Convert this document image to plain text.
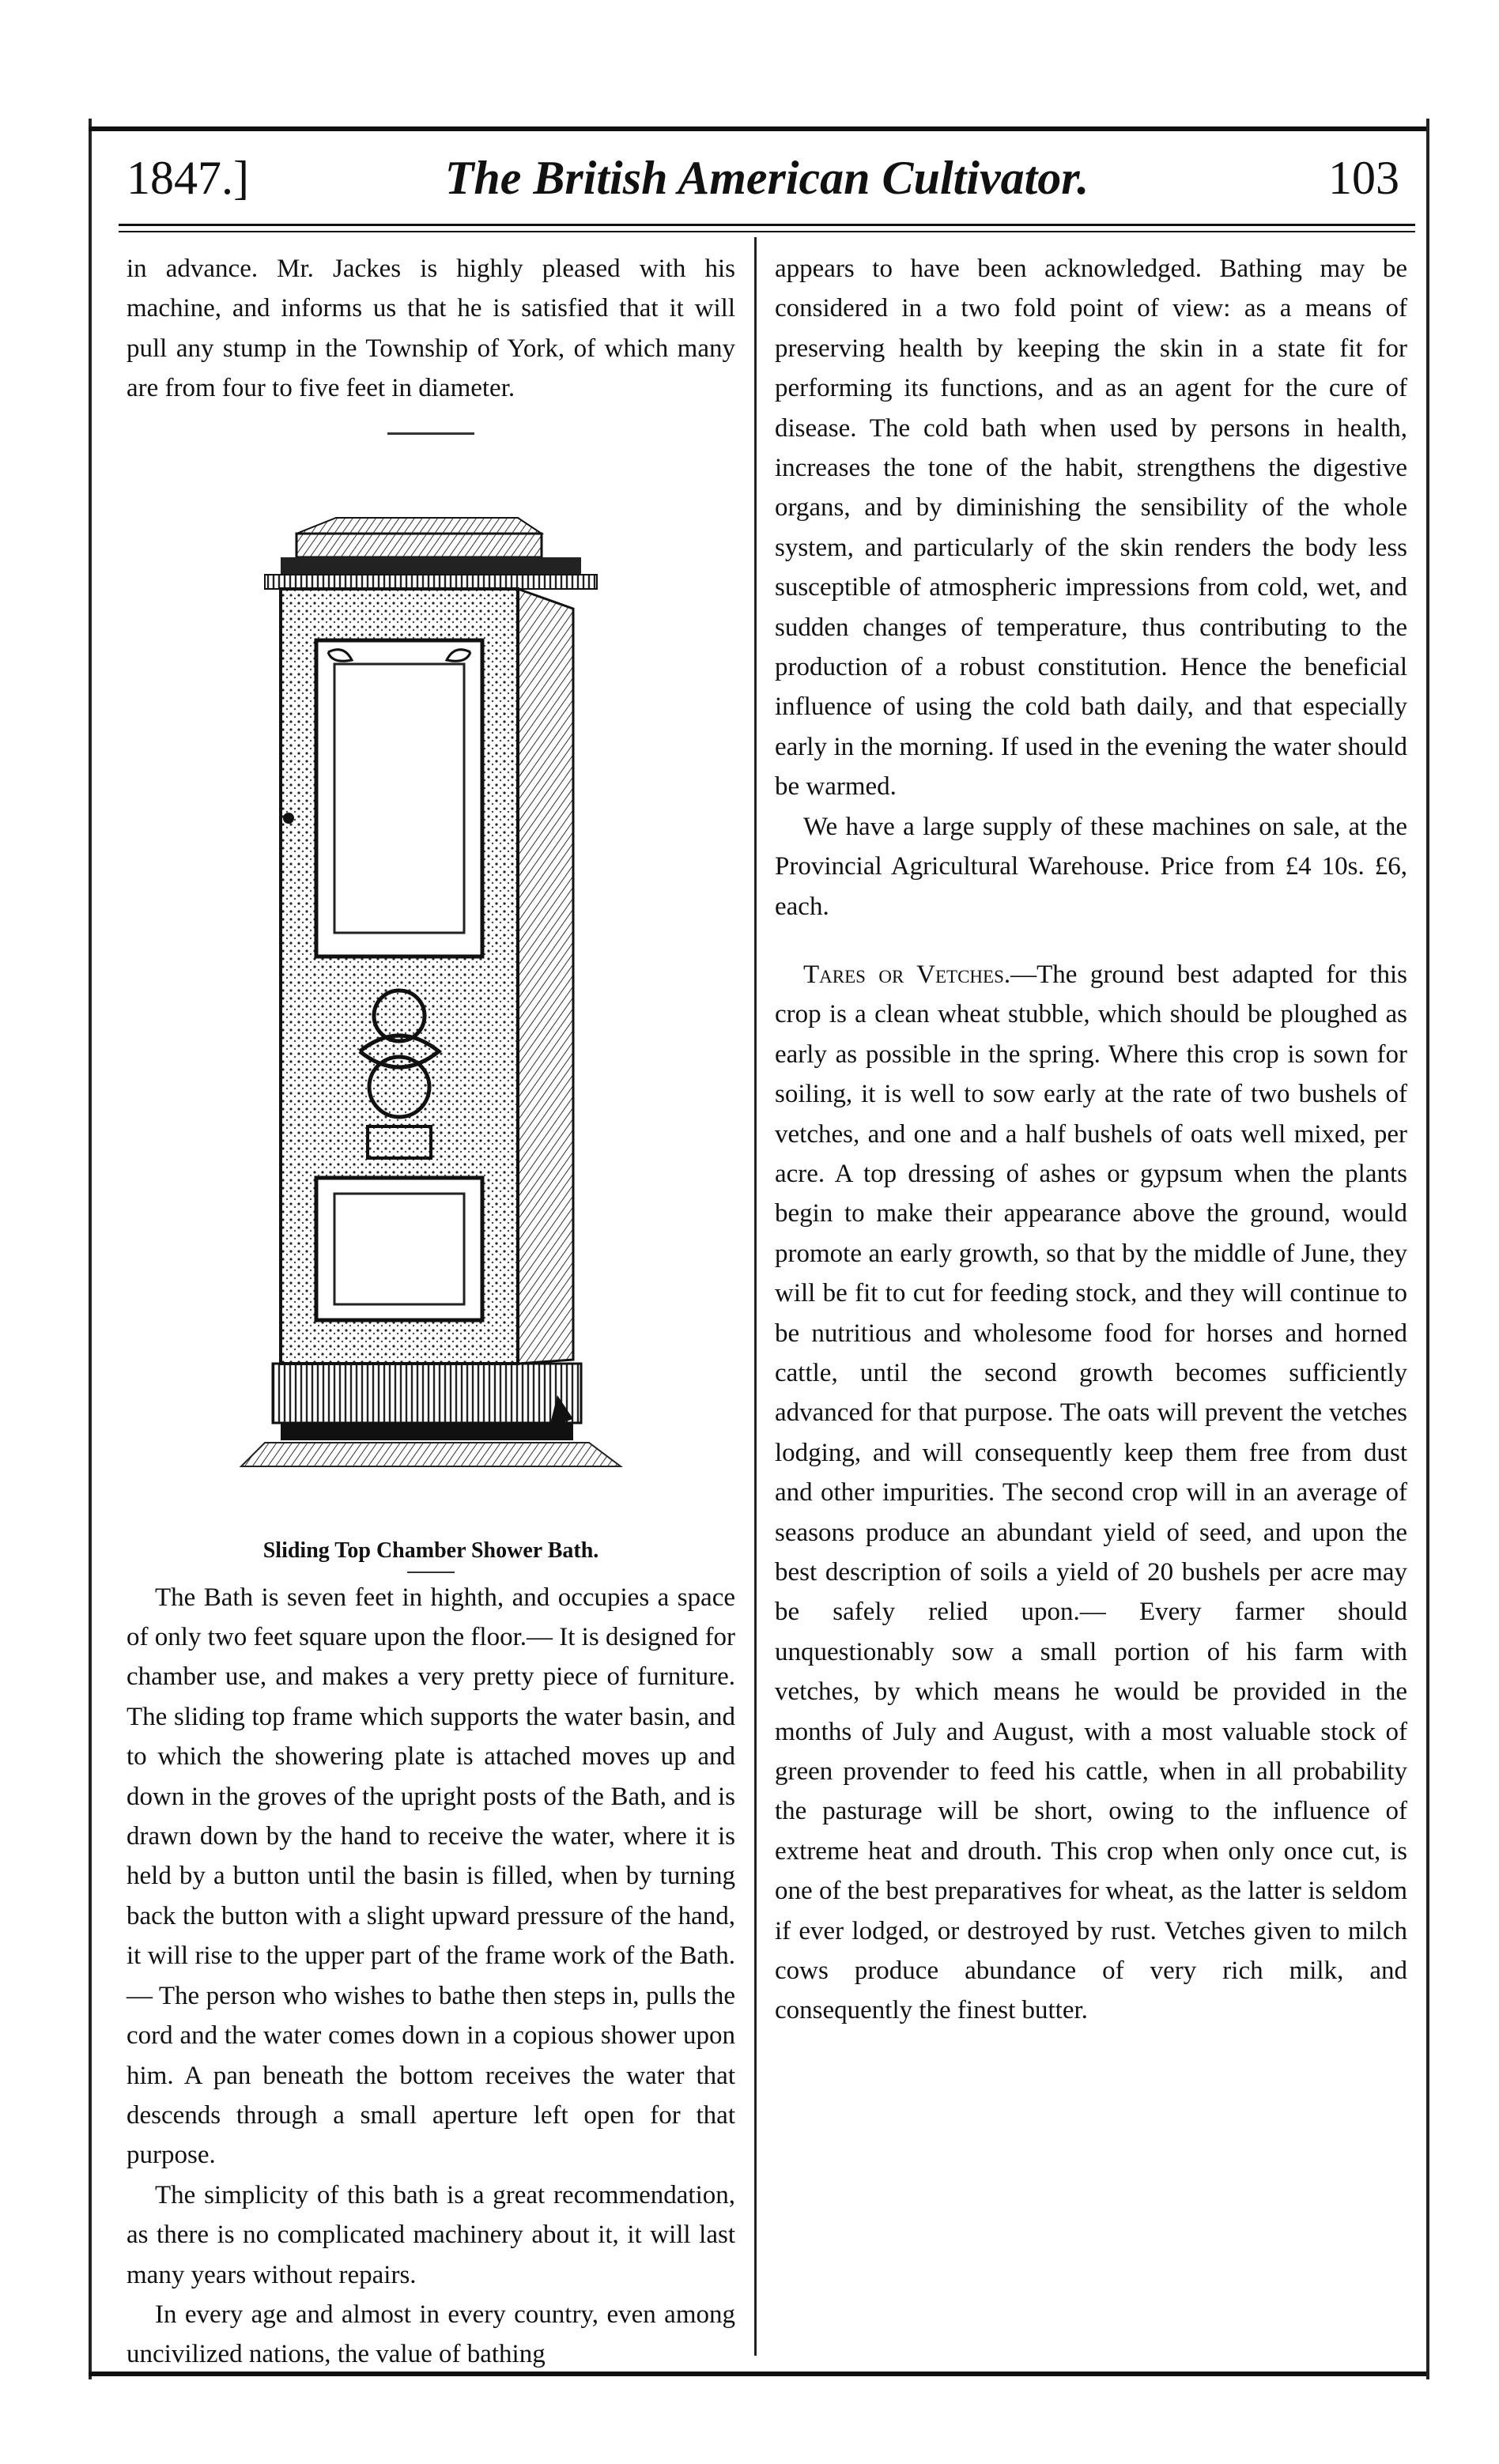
1847.]	The British American Cultivator.	103

in advance. Mr. Jackes is highly pleased with his machine, and informs us that he is satisfied that it will pull any stump in the Township of York, of which many are from four to five feet in diameter.

Sliding Top Chamber Shower Bath.

The Bath is seven feet in highth, and occupies a space of only two feet square upon the floor.— It is designed for chamber use, and makes a very pretty piece of furniture. The sliding top frame which supports the water basin, and to which the showering plate is attached moves up and down in the groves of the upright posts of the Bath, and is drawn down by the hand to receive the water, where it is held by a button until the basin is filled, when by turning back the button with a slight upward pressure of the hand, it will rise to the upper part of the frame work of the Bath.— The person who wishes to bathe then steps in, pulls the cord and the water comes down in a copious shower upon him. A pan beneath the bottom receives the water that descends through a small aperture left open for that purpose.

The simplicity of this bath is a great recommendation, as there is no complicated machinery about it, it will last many years without repairs.

In every age and almost in every country, even among uncivilized nations, the value of bathing

appears to have been acknowledged. Bathing may be considered in a two fold point of view: as a means of preserving health by keeping the skin in a state fit for performing its functions, and as an agent for the cure of disease. The cold bath when used by persons in health, increases the tone of the habit, strengthens the digestive organs, and by diminishing the sensibility of the whole system, and particularly of the skin renders the body less susceptible of atmospheric impressions from cold, wet, and sudden changes of temperature, thus contributing to the production of a robust constitution. Hence the beneficial influence of using the cold bath daily, and that especially early in the morning. If used in the evening the water should be warmed.

We have a large supply of these machines on sale, at the Provincial Agricultural Warehouse. Price from £4 10s. £6, each.

Tares or Vetches.—The ground best adapted for this crop is a clean wheat stubble, which should be ploughed as early as possible in the spring. Where this crop is sown for soiling, it is well to sow early at the rate of two bushels of vetches, and one and a half bushels of oats well mixed, per acre. A top dressing of ashes or gypsum when the plants begin to make their appearance above the ground, would promote an early growth, so that by the middle of June, they will be fit to cut for feeding stock, and they will continue to be nutritious and wholesome food for horses and horned cattle, until the second growth becomes sufficiently advanced for that purpose. The oats will prevent the vetches lodging, and will consequently keep them free from dust and other impurities. The second crop will in an average of seasons produce an abundant yield of seed, and upon the best description of soils a yield of 20 bushels per acre may be safely relied upon.— Every farmer should unquestionably sow a small portion of his farm with vetches, by which means he would be provided in the months of July and August, with a most valuable stock of green provender to feed his cattle, when in all probability the pasturage will be short, owing to the influence of extreme heat and drouth. This crop when only once cut, is one of the best preparatives for wheat, as the latter is seldom if ever lodged, or destroyed by rust. Vetches given to milch cows produce abundance of very rich milk, and consequently the finest butter.
